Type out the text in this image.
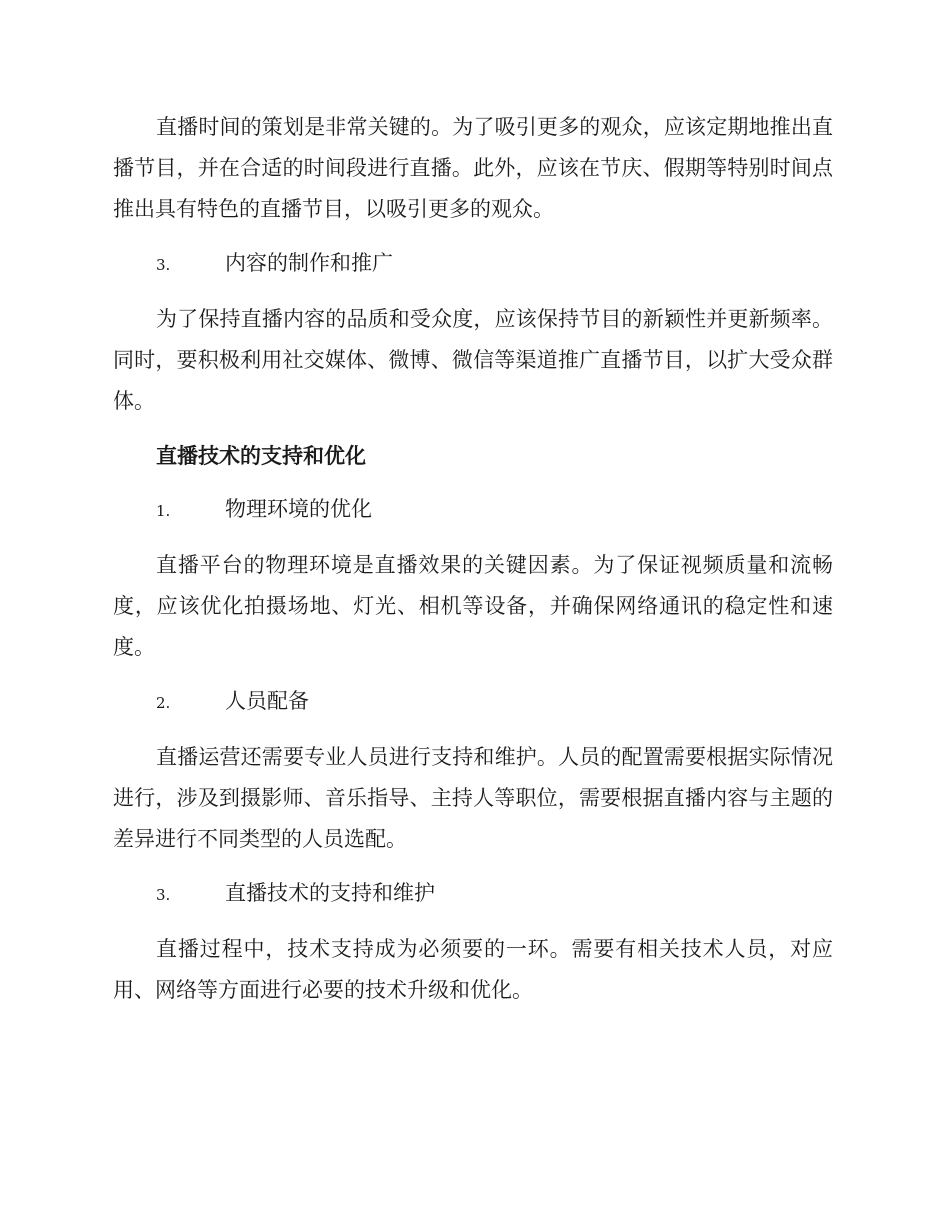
直播时间的策划是非常关键的。为了吸引更多的观众，应该定期地推出直播节目，并在合适的时间段进行直播。此外，应该在节庆、假期等特别时间点推出具有特色的直播节目，以吸引更多的观众。

3.	内容的制作和推广

为了保持直播内容的品质和受众度，应该保持节目的新颖性并更新频率。同时，要积极利用社交媒体、微博、微信等渠道推广直播节目，以扩大受众群体。

直播技术的支持和优化
1.	物理环境的优化

直播平台的物理环境是直播效果的关键因素。为了保证视频质量和流畅度，应该优化拍摄场地、灯光、相机等设备，并确保网络通讯的稳定性和速度。

2.	人员配备

直播运营还需要专业人员进行支持和维护。人员的配置需要根据实际情况进行，涉及到摄影师、音乐指导、主持人等职位，需要根据直播内容与主题的差异进行不同类型的人员选配。

3.	直播技术的支持和维护

直播过程中，技术支持成为必须要的一环。需要有相关技术人员，对应用、网络等方面进行必要的技术升级和优化。
